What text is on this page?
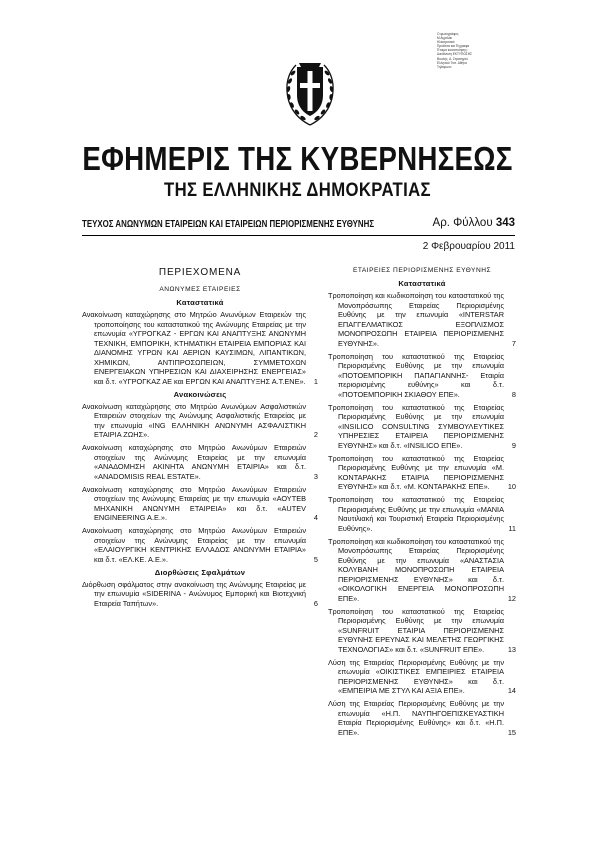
Ο φωτογράφος
Μ Αγγελάκ
Ηλεκτρονικά
Προϊόντα και Έγγραφα
Έτοιμα κοινοποίησης:
Διεύθυνση ΕΚΤΥΠΩΣΗΣ
Βουλής, Α. Στρατηγού
Ελληνικό Τυπ. Αθήνα
Τηλέφωνο
ΕΦΗΜΕΡΙΣ ΤΗΣ ΚΥΒΕΡΝΗΣΕΩΣ
ΤΗΣ ΕΛΛΗΝΙΚΗΣ ΔΗΜΟΚΡΑΤΙΑΣ
ΤΕΥΧΟΣ ΑΝΩΝΥΜΩΝ ΕΤΑΙΡΕΙΩΝ ΚΑΙ ΕΤΑΙΡΕΙΩΝ ΠΕΡΙΟΡΙΣΜΕΝΗΣ ΕΥΘΥΝΗΣ	Αρ. Φύλλου 343
2 Φεβρουαρίου 2011
ΠΕΡΙΕΧΟΜΕΝΑ
ΑΝΩΝΥΜΕΣ ΕΤΑΙΡΕΙΕΣ
Καταστατικά
Ανακοίνωση καταχώρησης στο Μητρώο Ανωνύμων Εταιρειών της τροποποίησης του καταστατικού της Ανώνυμης Εταιρείας με την επωνυμία «ΥΓΡΟΓΚΑΖ - ΕΡΓΩΝ ΚΑΙ ΑΝΑΠΤΥΞΗΣ ΑΝΩΝΥΜΗ ΤΕΧΝΙΚΗ, ΕΜΠΟΡΙΚΗ, ΚΤΗΜΑΤΙΚΗ ΕΤΑΙΡΕΙΑ ΕΜΠΟΡΙΑΣ ΚΑΙ ΔΙΑΝΟΜΗΣ ΥΓΡΩΝ ΚΑΙ ΑΕΡΙΩΝ ΚΑΥΣΙΜΩΝ, ΛΙΠΑΝΤΙΚΩΝ, ΧΗΜΙΚΩΝ, ΑΝΤΙΠΡΟΣΩΠΕΙΩΝ, ΣΥΜΜΕΤΟΧΩΝ ΕΝΕΡΓΕΙΑΚΩΝ ΥΠΗΡΕΣΙΩΝ ΚΑΙ ΔΙΑΧΕΙΡΗΣΗΣ ΕΝΕΡΓΕΙΑΣ» και δ.τ. «ΥΓΡΟΓΚΑΖ ΑΕ και ΕΡΓΩΝ ΚΑΙ ΑΝΑΠΤΥΞΗΣ Α.Τ.ΕΝΕ».	1
Ανακοινώσεις
Ανακοίνωση καταχώρησης στο Μητρώο Ανωνύμων Ασφαλιστικών Εταιρειών στοιχείων της Ανώνυμης Ασφαλιστικής Εταιρείας με την επωνυμία «ING ΕΛΛΗΝΙΚΗ ΑΝΩΝΥΜΗ ΑΣΦΑΛΙΣΤΙΚΗ ΕΤΑΙΡΙΑ ΖΩΗΣ».	2
Ανακοίνωση καταχώρησης στο Μητρώο Ανωνύμων Εταιρειών στοιχείων της Ανώνυμης Εταιρείας με την επωνυμία «ΑΝΑΔΟΜΗΣΗ ΑΚΙΝΗΤΑ ΑΝΩΝΥΜΗ ΕΤΑΙΡΙΑ» και δ.τ. «ANADOMISIS REAL ESTATE».	3
Ανακοίνωση καταχώρησης στο Μητρώο Ανωνύμων Εταιρειών στοιχείων της Ανώνυμης Εταιρείας με την επωνυμία «ΑΟΥΤΕΒ ΜΗΧΑΝΙΚΗ ΑΝΩΝΥΜΗ ΕΤΑΙΡΕΙΑ» και δ.τ. «AUTEV ENGINEERING A.E.».	4
Ανακοίνωση καταχώρησης στο Μητρώο Ανωνύμων Εταιρειών στοιχείων της Ανώνυμης Εταιρείας με την επωνυμία «ΕΛΑΙΟΥΡΓΙΚΗ ΚΕΝΤΡΙΚΗΣ ΕΛΛΑΔΟΣ ΑΝΩΝΥΜΗ ΕΤΑΙΡΙΑ» και δ.τ. «ΕΛ.ΚΕ. Α.Ε.».	5
Διορθώσεις Σφαλμάτων
Διόρθωση σφάλματος στην ανακοίνωση της Ανώνυμης Εταιρείας με την επωνυμία «SIDERINA - Ανώνυμος Εμπορική και Βιοτεχνική Εταιρεία Ταπήτων».	6
ΕΤΑΙΡΕΙΕΣ ΠΕΡΙΟΡΙΣΜΕΝΗΣ ΕΥΘΥΝΗΣ
Καταστατικά
Τροποποίηση και κωδικοποίηση του καταστατικού της Μονοπρόσωπης Εταιρείας Περιορισμένης Ευθύνης με την επωνυμία «INTERSTAR ΕΠΑΓΓΕΛΜΑΤΙΚΟΣ ΕΞΟΠΛΙΣΜΟΣ ΜΟΝΟΠΡΟΣΩΠΗ ΕΤΑΙΡΕΙΑ ΠΕΡΙΟΡΙΣΜΕΝΗΣ ΕΥΘΥΝΗΣ».	7
Τροποποίηση του καταστατικού της Εταιρείας Περιορισμένης Ευθύνης με την επωνυμία «ΠΟΤΟΕΜΠΟΡΙΚΗ ΠΑΠΑΓΙΑΝΝΗΣ- Εταιρία περιορισμένης ευθύνης» και δ.τ. «ΠΟΤΟΕΜΠΟΡΙΚΗ ΣΚΙΑΘΟΥ ΕΠΕ».	8
Τροποποίηση του καταστατικού της Εταιρείας Περιορισμένης Ευθύνης με την επωνυμία «INSILICO CONSULTING ΣΥΜΒΟΥΛΕΥΤΙΚΕΣ ΥΠΗΡΕΣΙΕΣ ΕΤΑΙΡΕΙΑ ΠΕΡΙΟΡΙΣΜΕΝΗΣ ΕΥΘΥΝΗΣ» και δ.τ. «INSILICO ΕΠΕ».	9
Τροποποίηση του καταστατικού της Εταιρείας Περιορισμένης Ευθύνης με την επωνυμία «Μ. ΚΟΝΤΑΡΑΚΗΣ ΕΤΑΙΡΙΑ ΠΕΡΙΟΡΙΣΜΕΝΗΣ ΕΥΘΥΝΗΣ» και δ.τ. «Μ. ΚΟΝΤΑΡΑΚΗΣ ΕΠΕ».	10
Τροποποίηση του καταστατικού της Εταιρείας Περιορισμένης Ευθύνης με την επωνυμία «ΜΑΝΙΑ Ναυτιλιακή και Τουριστική Εταιρεία Περιορισμένης Ευθύνης».	11
Τροποποίηση και κωδικοποίηση του καταστατικού της Μονοπρόσωπης Εταιρείας Περιορισμένης Ευθύνης με την επωνυμία «ΑΝΑΣΤΑΣΙΑ ΚΟΛΥΒΑΝΗ ΜΟΝΟΠΡΟΣΩΠΗ ΕΤΑΙΡΕΙΑ ΠΕΡΙΟΡΙΣΜΕΝΗΣ ΕΥΘΥΝΗΣ» και δ.τ. «ΟΙΚΟΛΟΓΙΚΗ ΕΝΕΡΓΕΙΑ ΜΟΝΟΠΡΟΣΩΠΗ ΕΠΕ».	12
Τροποποίηση του καταστατικού της Εταιρείας Περιορισμένης Ευθύνης με την επωνυμία «SUNFRUIT ΕΤΑΙΡΙΑ ΠΕΡΙΟΡΙΣΜΕΝΗΣ ΕΥΘΥΝΗΣ ΕΡΕΥΝΑΣ ΚΑΙ ΜΕΛΕΤΗΣ ΓΕΩΡΓΙΚΗΣ ΤΕΧΝΟΛΟΓΙΑΣ» και δ.τ. «SUNFRUIT ΕΠΕ».	13
Λύση της Εταιρείας Περιορισμένης Ευθύνης με την επωνυμία «ΟΙΚΙΣΤΙΚΕΣ ΕΜΠΕΙΡΙΕΣ ΕΤΑΙΡΕΙΑ ΠΕΡΙΟΡΙΣΜΕΝΗΣ ΕΥΘΥΝΗΣ» και δ.τ. «ΕΜΠΕΙΡΙΑ ΜΕ ΣΤΥΛ ΚΑΙ ΑΞΙΑ ΕΠΕ».	14
Λύση της Εταιρείας Περιορισμένης Ευθύνης με την επωνυμία «Η.Π. ΝΑΥΠΗΓΟΕΠΙΣΚΕΥΑΣΤΙΚΗ Εταιρία Περιορισμένης Ευθύνης» και δ.τ. «Η.Π. ΕΠΕ».	15
